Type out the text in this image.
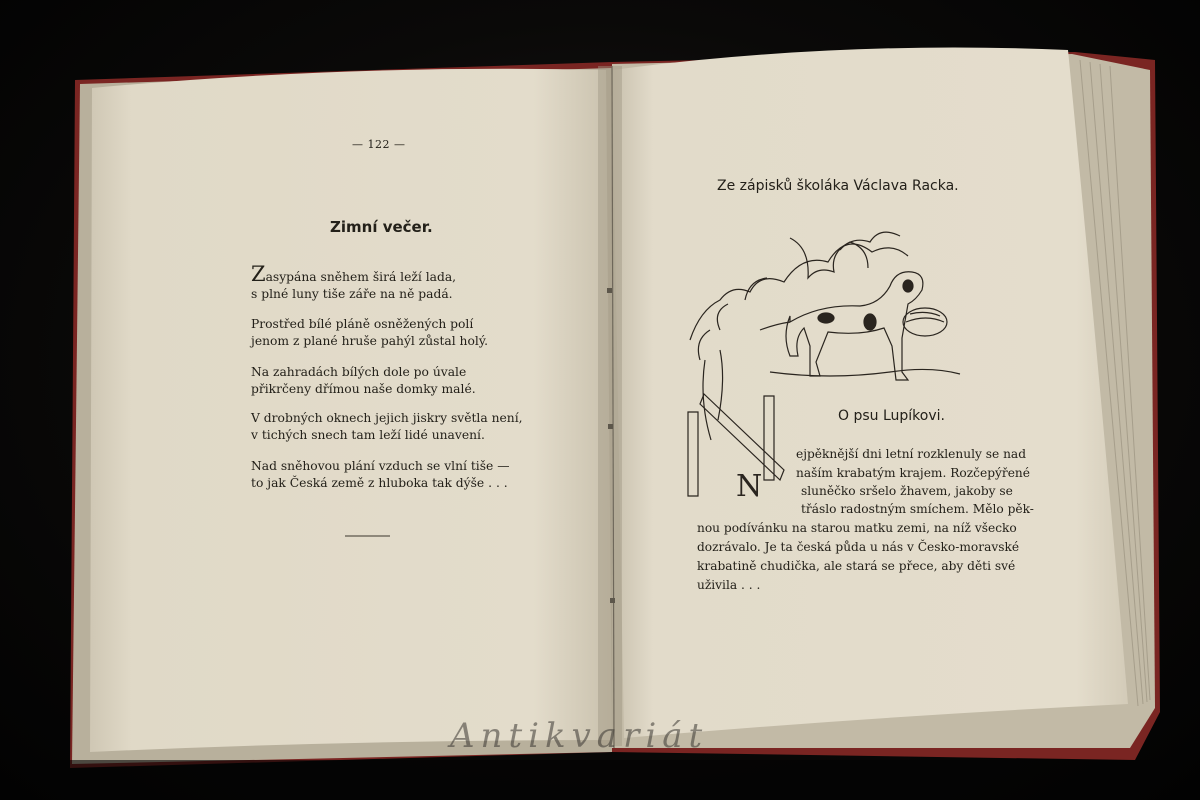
N
— 122 —
Zimní večer.
Zasypána sněhem širá leží lada,
s plné luny tiše záře na ně padá.
Prostřed bílé pláně osněžených polí
jenom z plané hruše pahýl zůstal holý.
Na zahradách bílých dole po úvale
přikrčeny dřímou naše domky malé.
V drobných oknech jejich jiskry světla není,
v tichých snech tam leží lidé unavení.
Nad sněhovou plání vzduch se vlní tiše —
to jak Česká země z hluboka tak dýše . . .
Ze zápisků školáka Václava Racka.
O psu Lupíkovi.
ejpěknější dni letní rozklenuly se nad
naším krabatým krajem. Rozčepýřené
sluněčko sršelo žhavem, jakoby se
třáslo radostným smíchem. Mělo pěk-
nou podívánku na starou matku zemi, na níž všecko
dozrávalo. Je ta česká půda u nás v Česko-moravské
krabatině chudička, ale stará se přece, aby děti své
uživila . . .
Antikvariát
